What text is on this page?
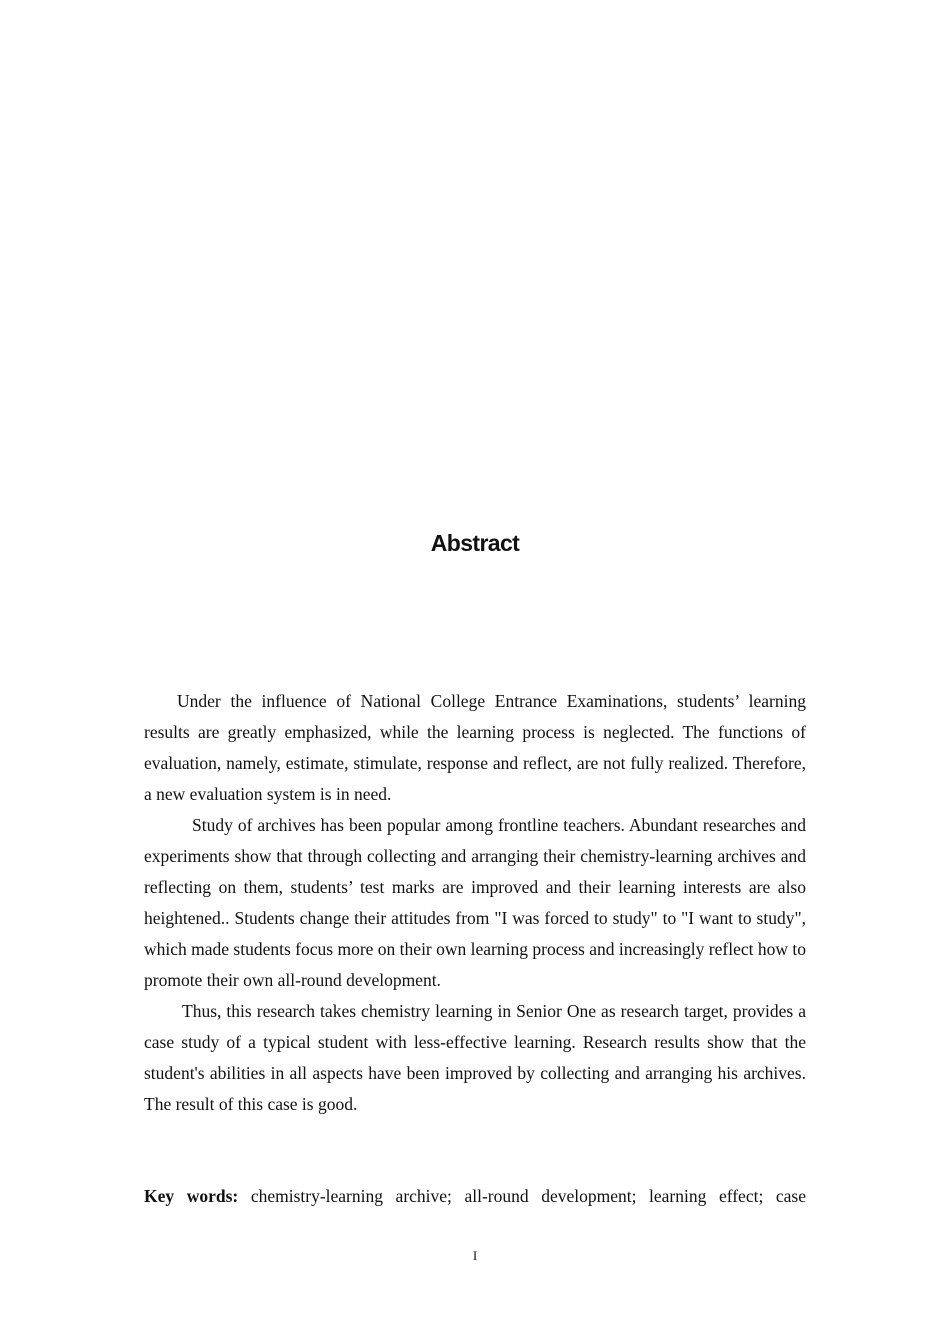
Abstract

Under the influence of National College Entrance Examinations, students’ learning results are greatly emphasized, while the learning process is neglected. The functions of evaluation, namely, estimate, stimulate, response and reflect, are not fully realized. Therefore, a new evaluation system is in need.

Study of archives has been popular among frontline teachers. Abundant researches and experiments show that through collecting and arranging their chemistry-learning archives and reflecting on them, students’ test marks are improved and their learning interests are also heightened.. Students change their attitudes from "I was forced to study" to "I want to study", which made students focus more on their own learning process and increasingly reflect how to promote their own all-round development.

Thus, this research takes chemistry learning in Senior One as research target, provides a case study of a typical student with less-effective learning. Research results show that the student's abilities in all aspects have been improved by collecting and arranging his archives. The result of this case is good.

Key words: chemistry-learning archive; all-round development; learning effect; case

I
